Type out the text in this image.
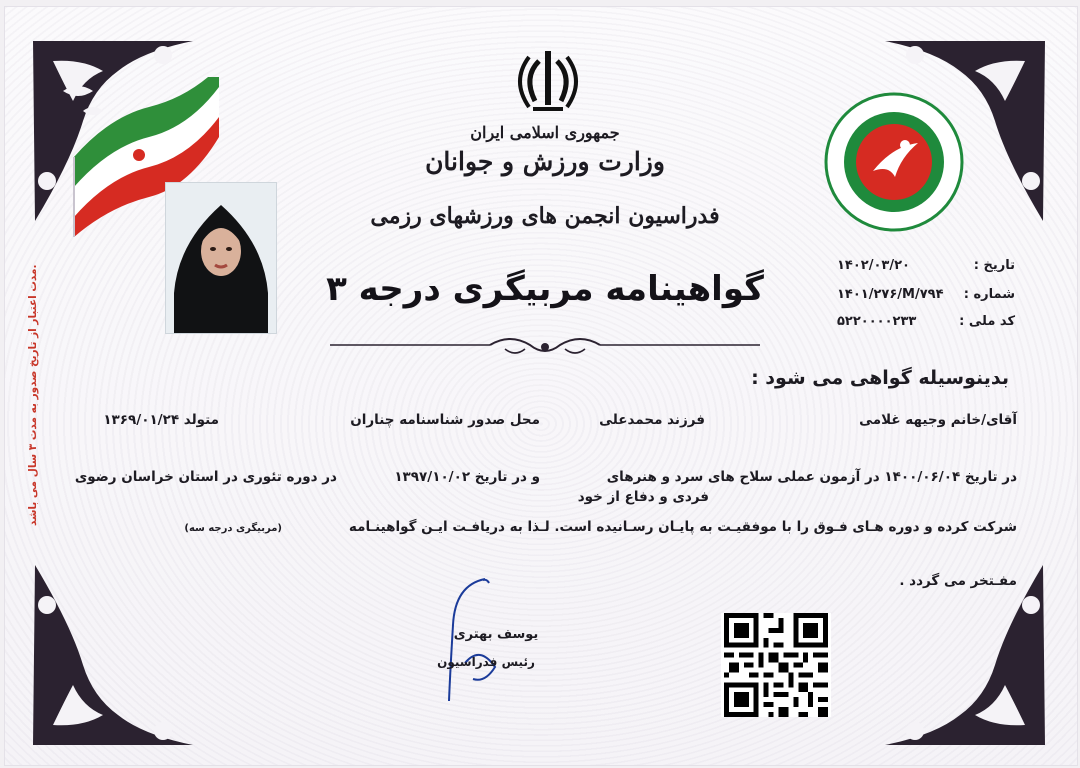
جمهوری اسلامی ایران
وزارت ورزش و جوانان
فدراسیون انجمن های ورزشهای رزمی
گواهینامه مربیگری درجه ۳
تاریخ :
۱۴۰۲/۰۳/۲۰
شماره :
۱۴۰۱/۲۷۶/M/۷۹۴
کد ملی :
۵۲۲۰۰۰۰۲۳۳
بدینوسیله گواهی می شود :
آقای/خانم وجیهه غلامی
فرزند محمدعلی
محل صدور شناسنامه چناران
متولد ۱۳۶۹/۰۱/۲۴
در تاریخ ۱۴۰۰/۰۶/۰۴ در آزمون عملی سلاح های سرد و هنرهای
فردی و دفاع از خود
و در تاریخ ۱۳۹۷/۱۰/۰۲
در دوره تئوری در استان خراسان رضوی
شرکت کرده و دوره هـای فـوق را با موفقیـت به پایـان رسـانیده است. لـذا به دریافـت ایـن گواهینـامه
(مربیگری درجه سه)
مفـتخر می گردد .
یوسف بهتری
رئیس فدراسیون
مدت اعتبار از تاریخ صدور به مدت ۳ سال می باشد.
